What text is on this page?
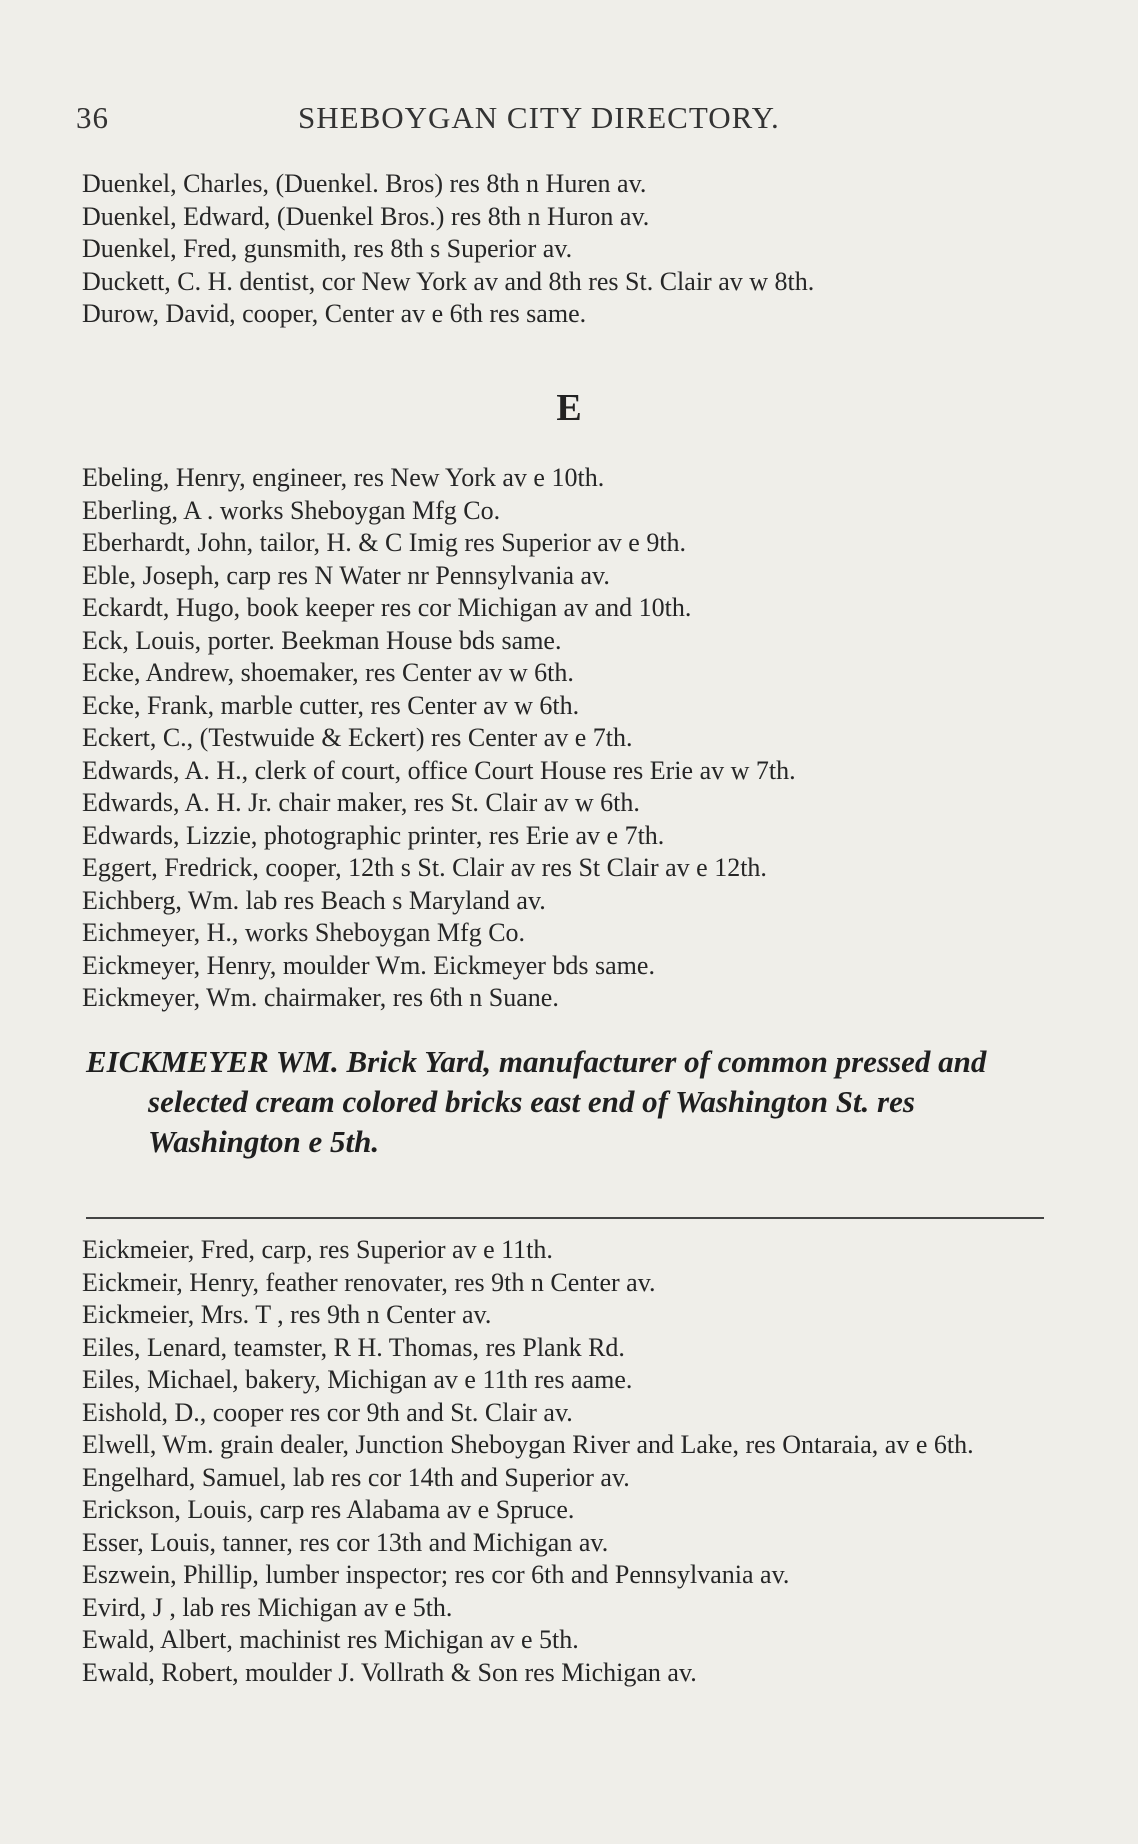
36	SHEBOYGAN CITY DIRECTORY.
Duenkel, Charles, (Duenkel. Bros) res 8th n Huren av.
Duenkel, Edward, (Duenkel Bros.) res 8th n Huron av.
Duenkel, Fred, gunsmith, res 8th s Superior av.
Duckett, C. H. dentist, cor New York av and 8th res St. Clair av w 8th.
Durow, David, cooper, Center av e 6th res same.
E
Ebeling, Henry, engineer, res New York av e 10th.
Eberling, A . works Sheboygan Mfg Co.
Eberhardt, John, tailor, H. & C Imig res Superior av e 9th.
Eble, Joseph, carp res N Water nr Pennsylvania av.
Eckardt, Hugo, book keeper res cor Michigan av and 10th.
Eck, Louis, porter. Beekman House bds same.
Ecke, Andrew, shoemaker, res Center av w 6th.
Ecke, Frank, marble cutter, res Center av w 6th.
Eckert, C., (Testwuide & Eckert) res Center av e 7th.
Edwards, A. H., clerk of court, office Court House res Erie av w 7th.
Edwards, A. H. Jr. chair maker, res St. Clair av w 6th.
Edwards, Lizzie, photographic printer, res Erie av e 7th.
Eggert, Fredrick, cooper, 12th s St. Clair av res St Clair av e 12th.
Eichberg, Wm. lab res Beach s Maryland av.
Eichmeyer, H., works Sheboygan Mfg Co.
Eickmeyer, Henry, moulder Wm. Eickmeyer bds same.
Eickmeyer, Wm. chairmaker, res 6th n Suane.
EICKMEYER WM. Brick Yard, manufacturer of common pressed and selected cream colored bricks east end of Washington St. res Washington e 5th.
Eickmeier, Fred, carp, res Superior av e 11th.
Eickmeir, Henry, feather renovater, res 9th n Center av.
Eickmeier, Mrs. T , res 9th n Center av.
Eiles, Lenard, teamster, R H. Thomas, res Plank Rd.
Eiles, Michael, bakery, Michigan av e 11th res aame.
Eishold, D., cooper res cor 9th and St. Clair av.
Elwell, Wm. grain dealer, Junction Sheboygan River and Lake, res Ontaraia, av e 6th.
Engelhard, Samuel, lab res cor 14th and Superior av.
Erickson, Louis, carp res Alabama av e Spruce.
Esser, Louis, tanner, res cor 13th and Michigan av.
Eszwein, Phillip, lumber inspector; res cor 6th and Pennsylvania av.
Evird, J , lab res Michigan av e 5th.
Ewald, Albert, machinist res Michigan av e 5th.
Ewald, Robert, moulder J. Vollrath & Son res Michigan av.
